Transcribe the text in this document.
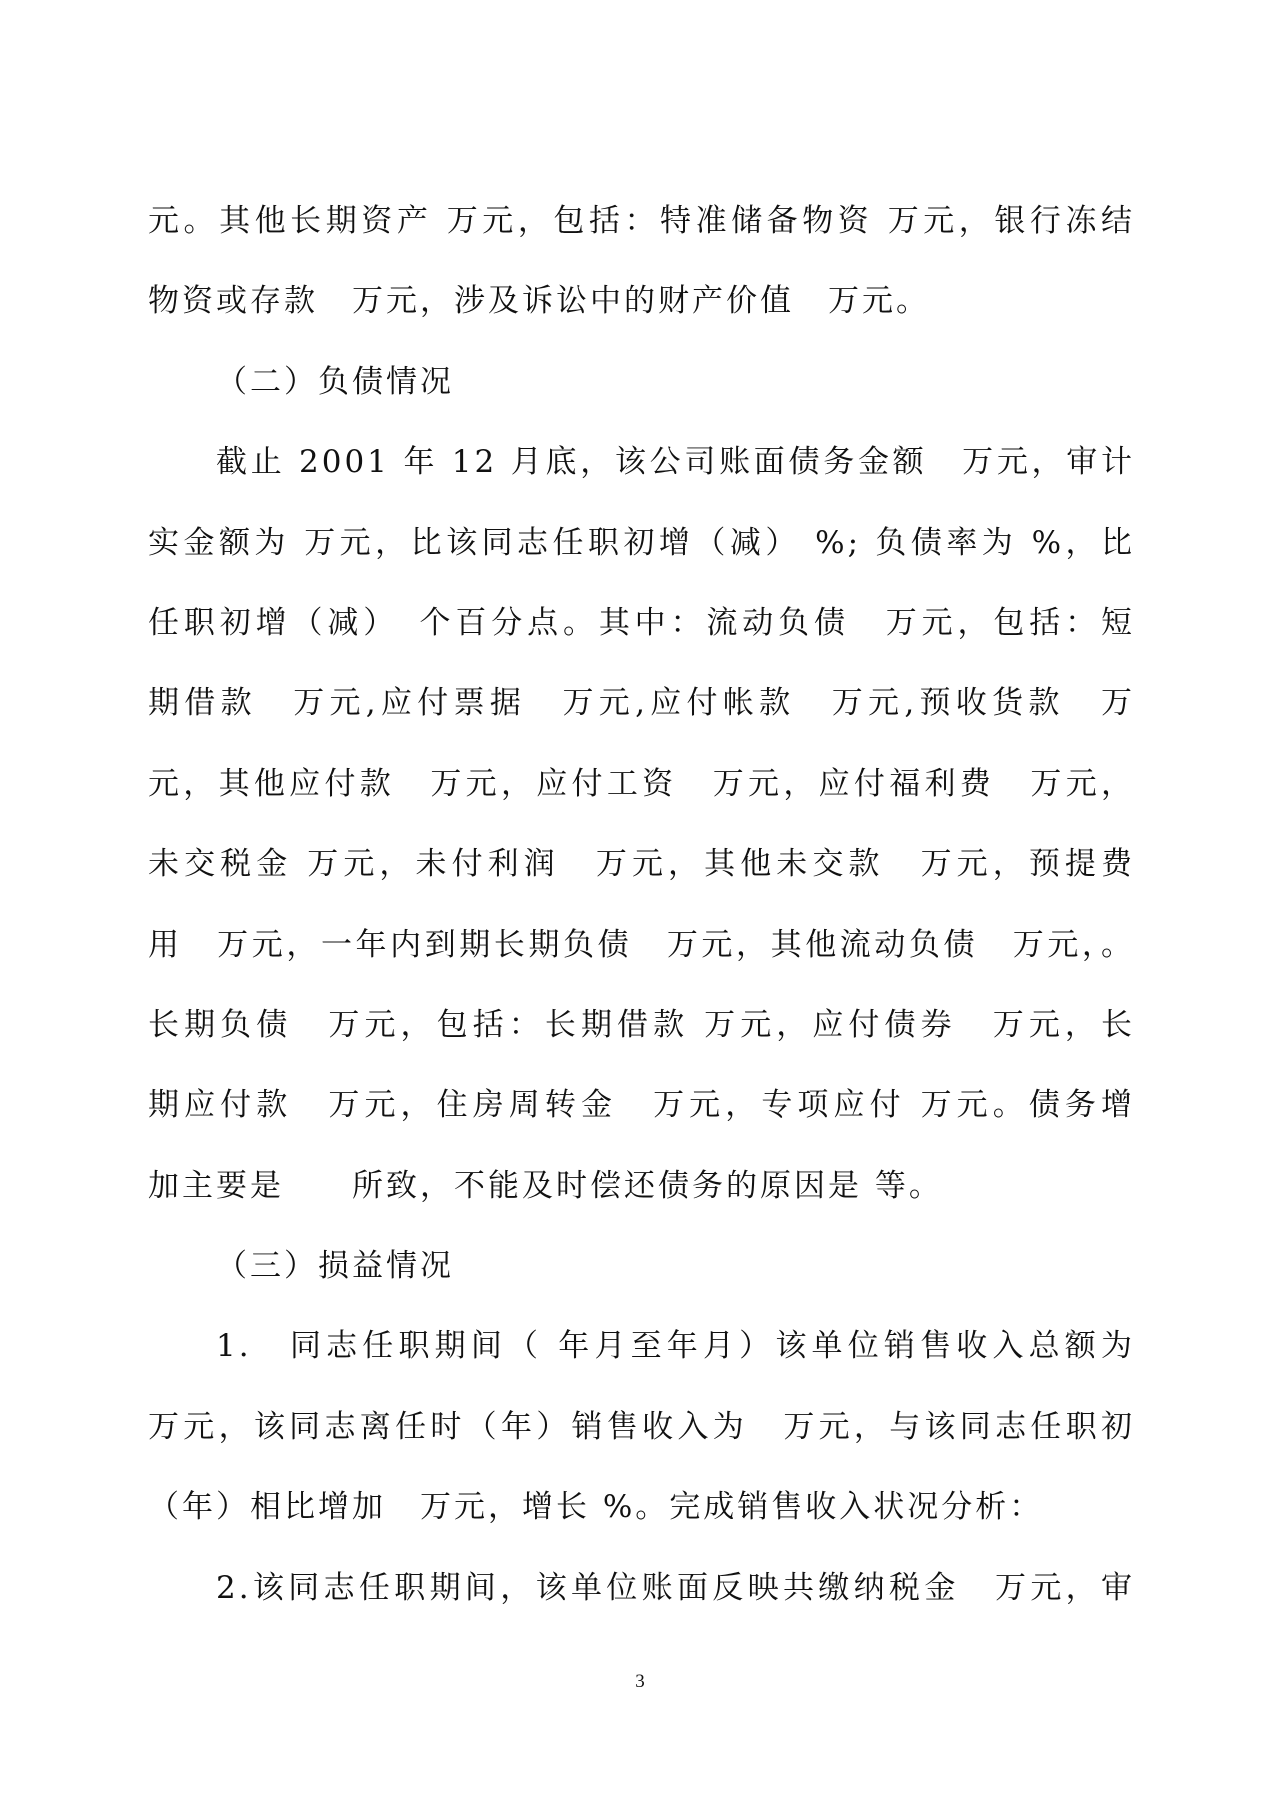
元。其他长期资产 万元，包括：特准储备物资 万元，银行冻结
物资或存款　万元，涉及诉讼中的财产价值　万元。
（二）负债情况
截止 2001 年 12 月底，该公司账面债务金额　万元，审计
实金额为 万元，比该同志任职初增（减） %; 负债率为 %，比
任职初增（减）　个百分点。其中：流动负债　万元，包括：短
期借款　万元,应付票据　万元,应付帐款　万元,预收货款　万
元，其他应付款　万元，应付工资　万元，应付福利费　万元，
未交税金 万元，未付利润　万元，其他未交款　万元，预提费
用　万元，一年内到期长期负债　万元，其他流动负债　万元，。
长期负债　万元，包括：长期借款 万元，应付债券　万元，长
期应付款　万元，住房周转金　万元，专项应付 万元。债务增
加主要是　　所致，不能及时偿还债务的原因是 等。
（三）损益情况
1.　同志任职期间（ 年月至年月）该单位销售收入总额为
万元，该同志离任时（年）销售收入为　万元，与该同志任职初
（年）相比增加　万元，增长 %。完成销售收入状况分析：
2.该同志任职期间，该单位账面反映共缴纳税金　万元，审
3
